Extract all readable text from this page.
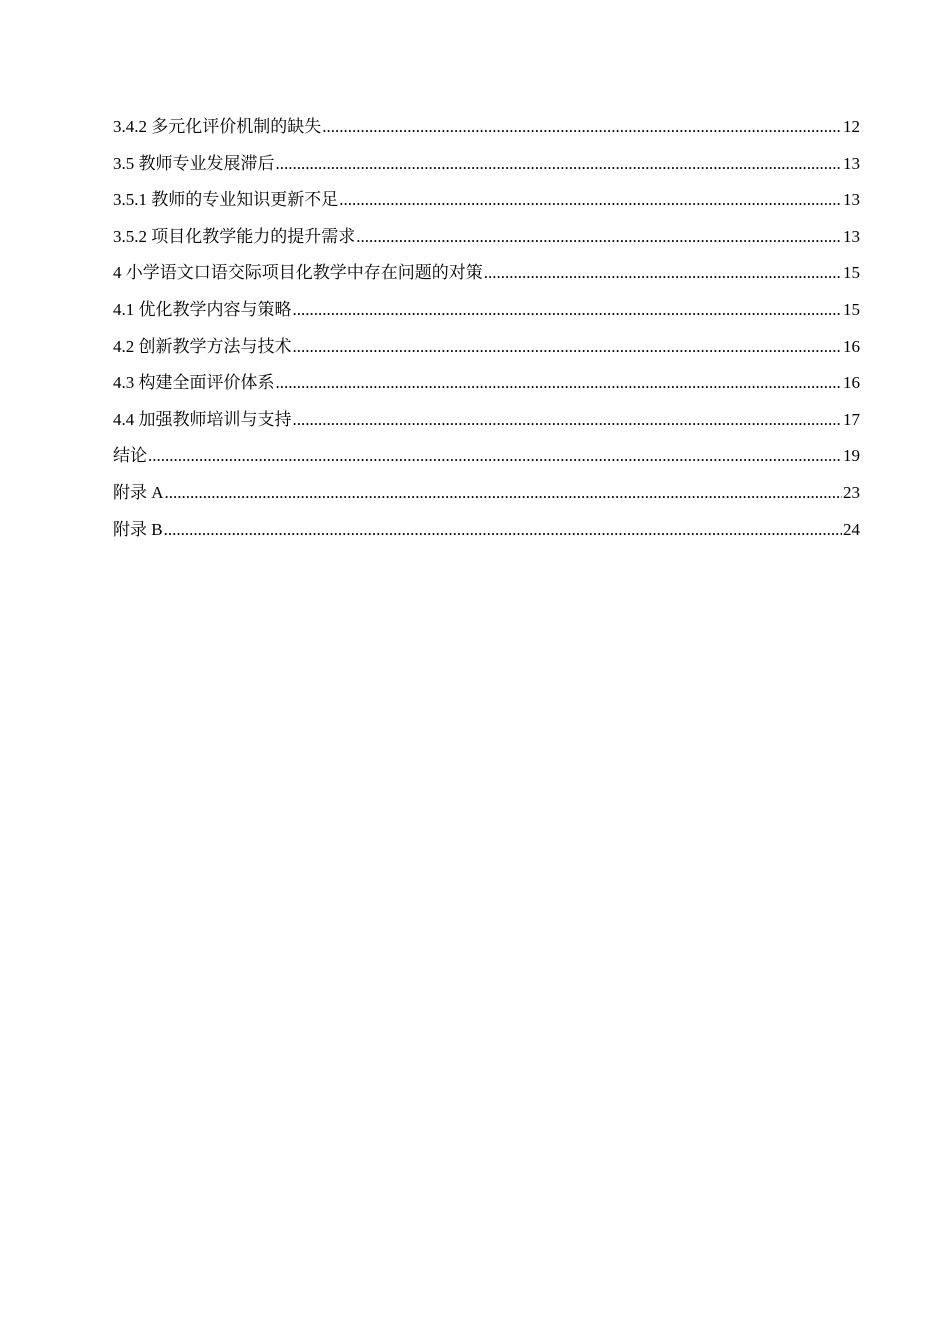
3.4.2 多元化评价机制的缺失 .....	12
3.5 教师专业发展滞后 .....	13
3.5.1 教师的专业知识更新不足 .....	13
3.5.2 项目化教学能力的提升需求 .....	13
4 小学语文口语交际项目化教学中存在问题的对策 .....	15
4.1 优化教学内容与策略 .....	15
4.2 创新教学方法与技术 .....	16
4.3 构建全面评价体系 .....	16
4.4 加强教师培训与支持 .....	17
结论 .....	19
附录 A .....	23
附录 B .....	24
